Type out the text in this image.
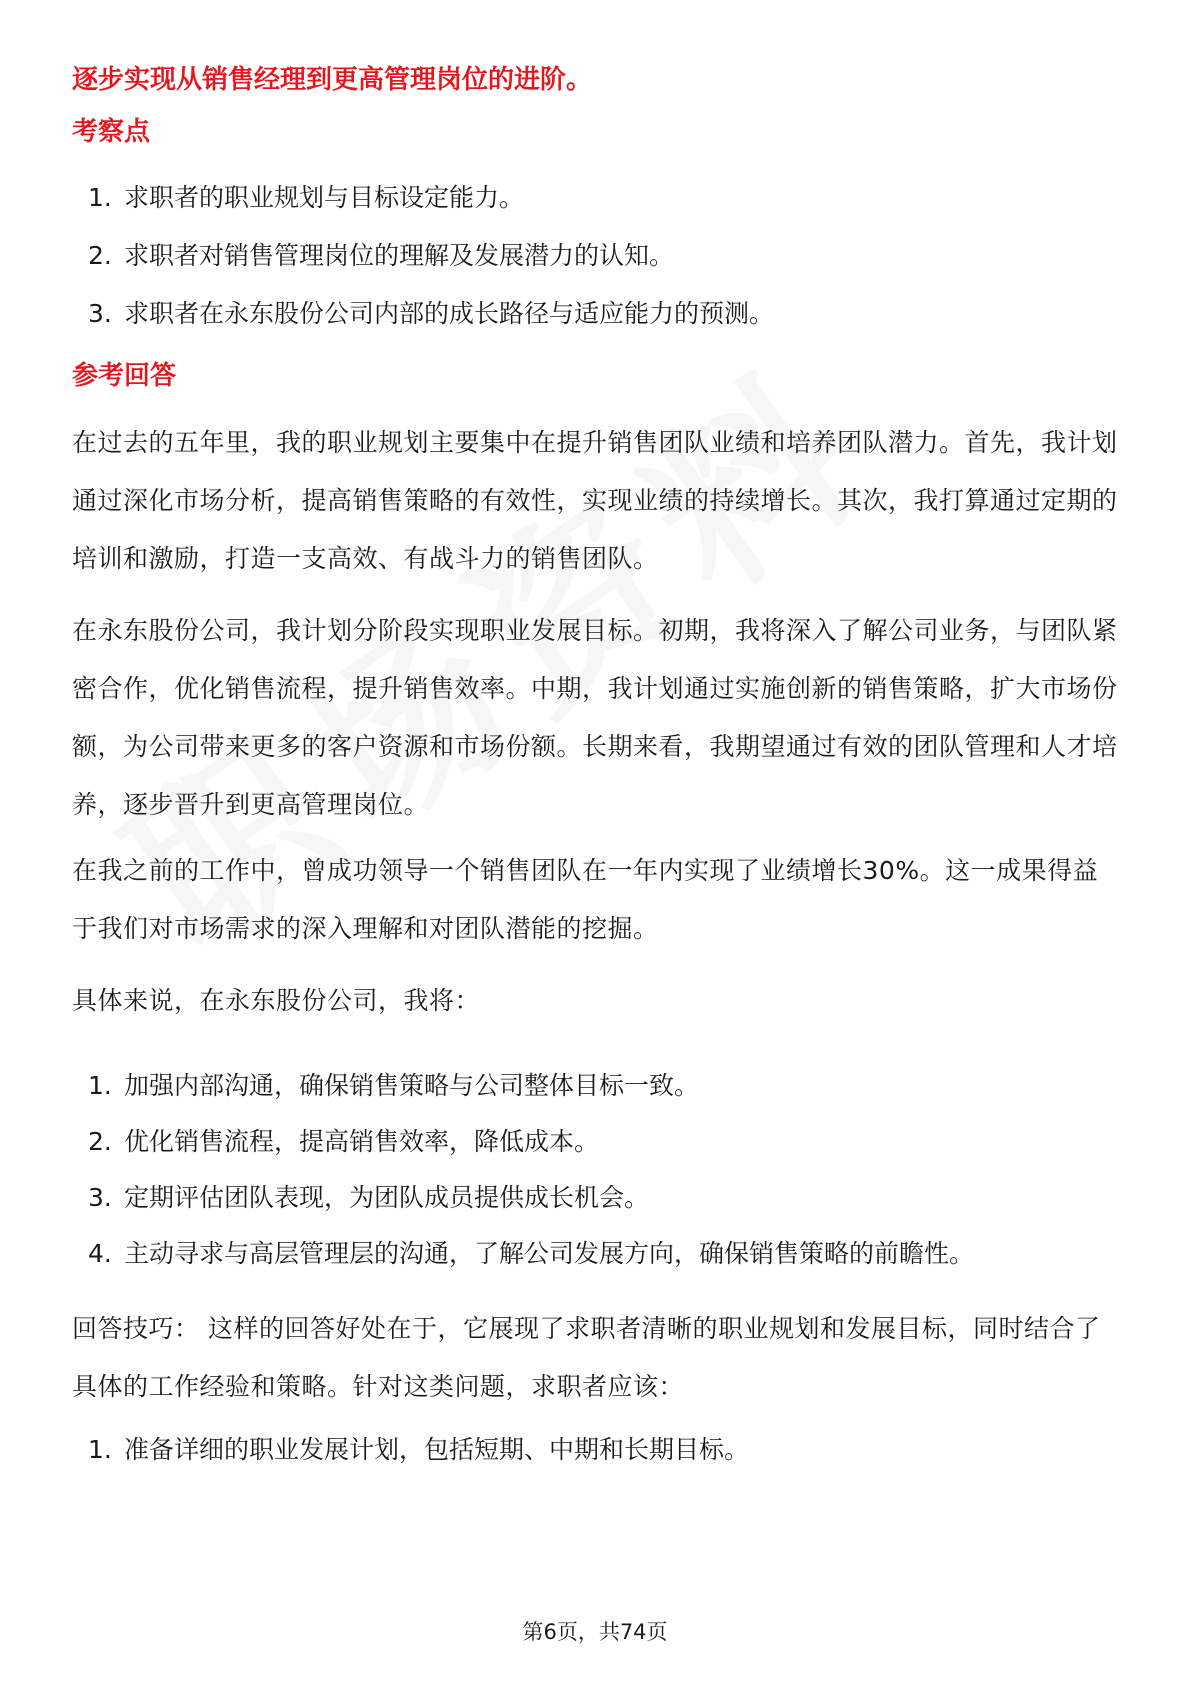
逐步实现从销售经理到更高管理岗位的进阶。

考察点

1. 求职者的职业规划与目标设定能力。
2. 求职者对销售管理岗位的理解及发展潜力的认知。
3. 求职者在永东股份公司内部的成长路径与适应能力的预测。

参考回答

在过去的五年里，我的职业规划主要集中在提升销售团队业绩和培养团队潜力。首先，我计划通过深化市场分析，提高销售策略的有效性，实现业绩的持续增长。其次，我打算通过定期的培训和激励，打造一支高效、有战斗力的销售团队。

在永东股份公司，我计划分阶段实现职业发展目标。初期，我将深入了解公司业务，与团队紧密合作，优化销售流程，提升销售效率。中期，我计划通过实施创新的销售策略，扩大市场份额，为公司带来更多的客户资源和市场份额。长期来看，我期望通过有效的团队管理和人才培养，逐步晋升到更高管理岗位。

在我之前的工作中，曾成功领导一个销售团队在一年内实现了业绩增长30%。这一成果得益于我们对市场需求的深入理解和对团队潜能的挖掘。

具体来说，在永东股份公司，我将：

1. 加强内部沟通，确保销售策略与公司整体目标一致。
2. 优化销售流程，提高销售效率，降低成本。
3. 定期评估团队表现，为团队成员提供成长机会。
4. 主动寻求与高层管理层的沟通，了解公司发展方向，确保销售策略的前瞻性。

回答技巧： 这样的回答好处在于，它展现了求职者清晰的职业规划和发展目标，同时结合了具体的工作经验和策略。针对这类问题，求职者应该：

1. 准备详细的职业发展计划，包括短期、中期和长期目标。
第6页，共74页
